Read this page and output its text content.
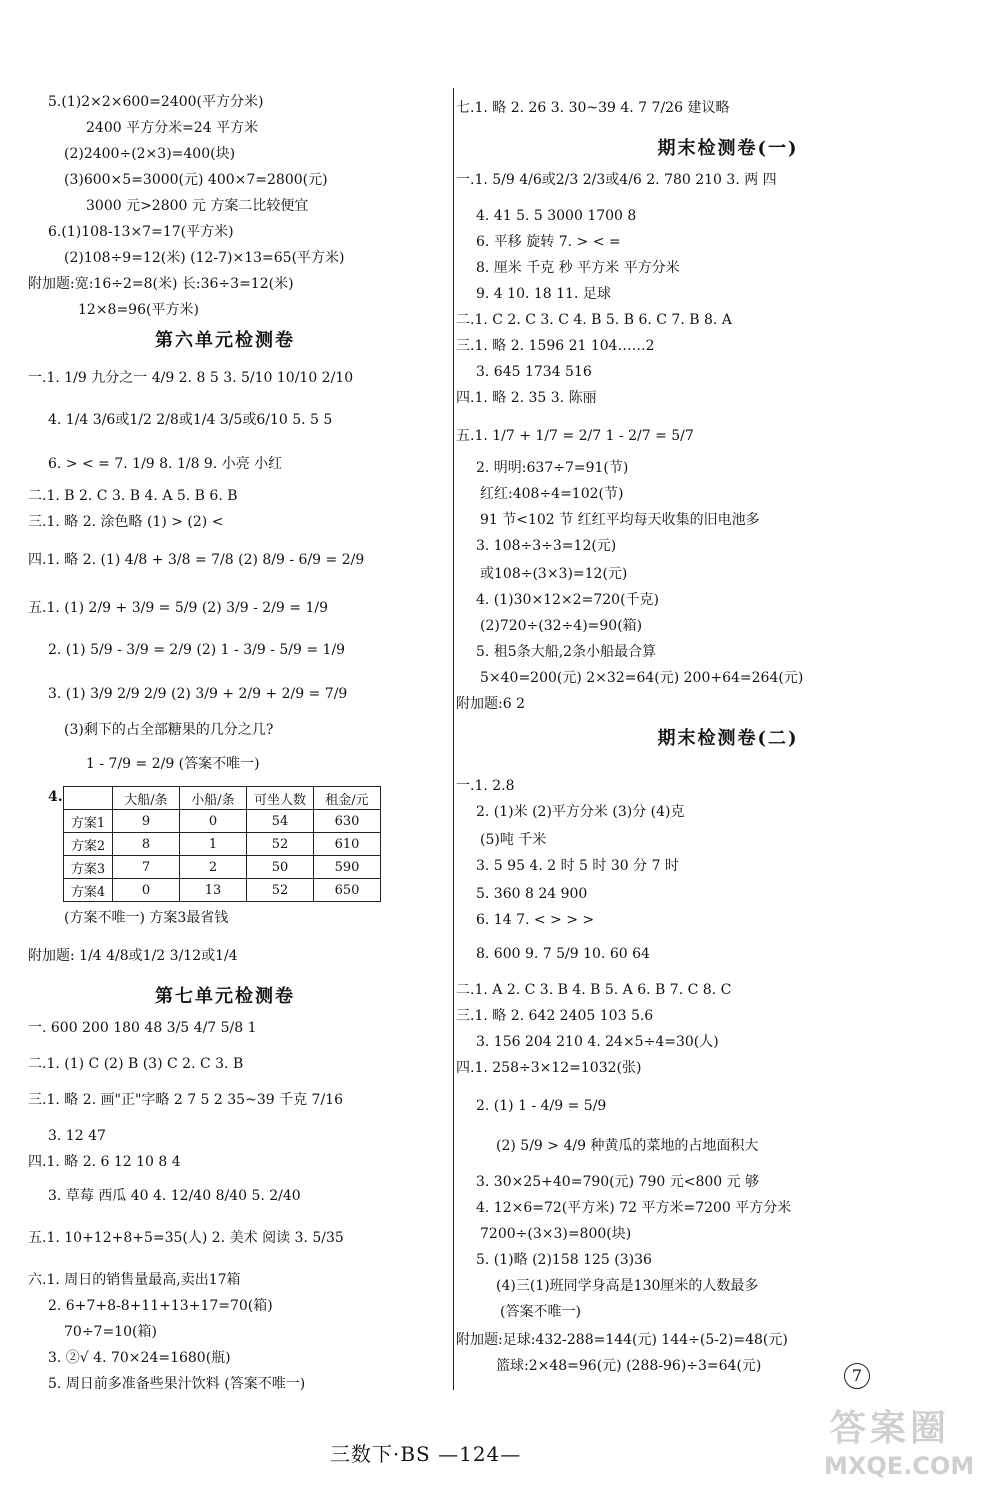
5.(1)2×2×600=2400(平方分米)
2400 平方分米=24 平方米
(2)2400÷(2×3)=400(块)
(3)600×5=3000(元) 400×7=2800(元)
3000 元>2800 元 方案二比较便宜
6.(1)108-13×7=17(平方米)
(2)108÷9=12(米) (12-7)×13=65(平方米)
附加题:宽:16÷2=8(米) 长:36÷3=12(米)
12×8=96(平方米)
一.1. 1/9 九分之一 4/9 2. 8 5 3. 5/10 10/10 2/10
4. 1/4 3/6或1/2 2/8或1/4 3/5或6/10 5. 5 5
6. > < = 7. 1/9 8. 1/8 9. 小亮 小红
二.1. B 2. C 3. B 4. A 5. B 6. B
三.1. 略 2. 涂色略 (1) > (2) <
四.1. 略 2. (1) 4/8 + 3/8 = 7/8 (2) 8/9 - 6/9 = 2/9
五.1. (1) 2/9 + 3/9 = 5/9 (2) 3/9 - 2/9 = 1/9
2. (1) 5/9 - 3/9 = 2/9 (2) 1 - 3/9 - 5/9 = 1/9
3. (1) 3/9 2/9 2/9 (2) 3/9 + 2/9 + 2/9 = 7/9
(3)剩下的占全部糖果的几分之几?
1 - 7/9 = 2/9 (答案不唯一)
(方案不唯一) 方案3最省钱
附加题: 1/4 4/8或1/2 3/12或1/4
一. 600 200 180 48 3/5 4/7 5/8 1
二.1. (1) C (2) B (3) C 2. C 3. B
三.1. 略 2. 画"正"字略 2 7 5 2 35~39 千克 7/16
3. 12 47
四.1. 略 2. 6 12 10 8 4
3. 草莓 西瓜 40 4. 12/40 8/40 5. 2/40
五.1. 10+12+8+5=35(人) 2. 美术 阅读 3. 5/35
六.1. 周日的销售量最高,卖出17箱
2. 6+7+8-8+11+13+17=70(箱)
70÷7=10(箱)
3. ②√ 4. 70×24=1680(瓶)
5. 周日前多准备些果汁饮料 (答案不唯一)
第六单元检测卷
第七单元检测卷
七.1. 略 2. 26 3. 30~39 4. 7 7/26 建议略
一.1. 5/9 4/6或2/3 2/3或4/6 2. 780 210 3. 两 四
4. 41 5. 5 3000 1700 8
6. 平移 旋转 7. > < =
8. 厘米 千克 秒 平方米 平方分米
9. 4 10. 18 11. 足球
二.1. C 2. C 3. C 4. B 5. B 6. C 7. B 8. A
三.1. 略 2. 1596 21 104……2
3. 645 1734 516
四.1. 略 2. 35 3. 陈丽
五.1. 1/7 + 1/7 = 2/7 1 - 2/7 = 5/7
2. 明明:637÷7=91(节)
红红:408÷4=102(节)
91 节<102 节 红红平均每天收集的旧电池多
3. 108÷3÷3=12(元)
或108÷(3×3)=12(元)
4. (1)30×12×2=720(千克)
(2)720÷(32÷4)=90(箱)
5. 租5条大船,2条小船最合算
5×40=200(元) 2×32=64(元) 200+64=264(元)
附加题:6 2
一.1. 2.8
2. (1)米 (2)平方分米 (3)分 (4)克
(5)吨 千米
3. 5 95 4. 2 时 5 时 30 分 7 时
5. 360 8 24 900
6. 14 7. < > > >
8. 600 9. 7 5/9 10. 60 64
二.1. A 2. C 3. B 4. B 5. A 6. B 7. C 8. C
三.1. 略 2. 642 2405 103 5.6
3. 156 204 210 4. 24×5÷4=30(人)
四.1. 258÷3×12=1032(张)
2. (1) 1 - 4/9 = 5/9
(2) 5/9 > 4/9 种黄瓜的菜地的占地面积大
3. 30×25+40=790(元) 790 元<800 元 够
4. 12×6=72(平方米) 72 平方米=7200 平方分米
7200÷(3×3)=800(块)
5. (1)略 (2)158 125 (3)36
(4)三(1)班同学身高是130厘米的人数最多
(答案不唯一)
附加题:足球:432-288=144(元) 144÷(5-2)=48(元)
篮球:2×48=96(元) (288-96)÷3=64(元)
期末检测卷(一)
期末检测卷(二)
4.
		大船/条	小船/条	可坐人数	租金/元
方案1	9	0	54	630
方案2	8	1	52	610
方案3	7	2	50	590
方案4	0	13	52	650
7
三数下·BS —124—
答案圈
MXQE.COM
